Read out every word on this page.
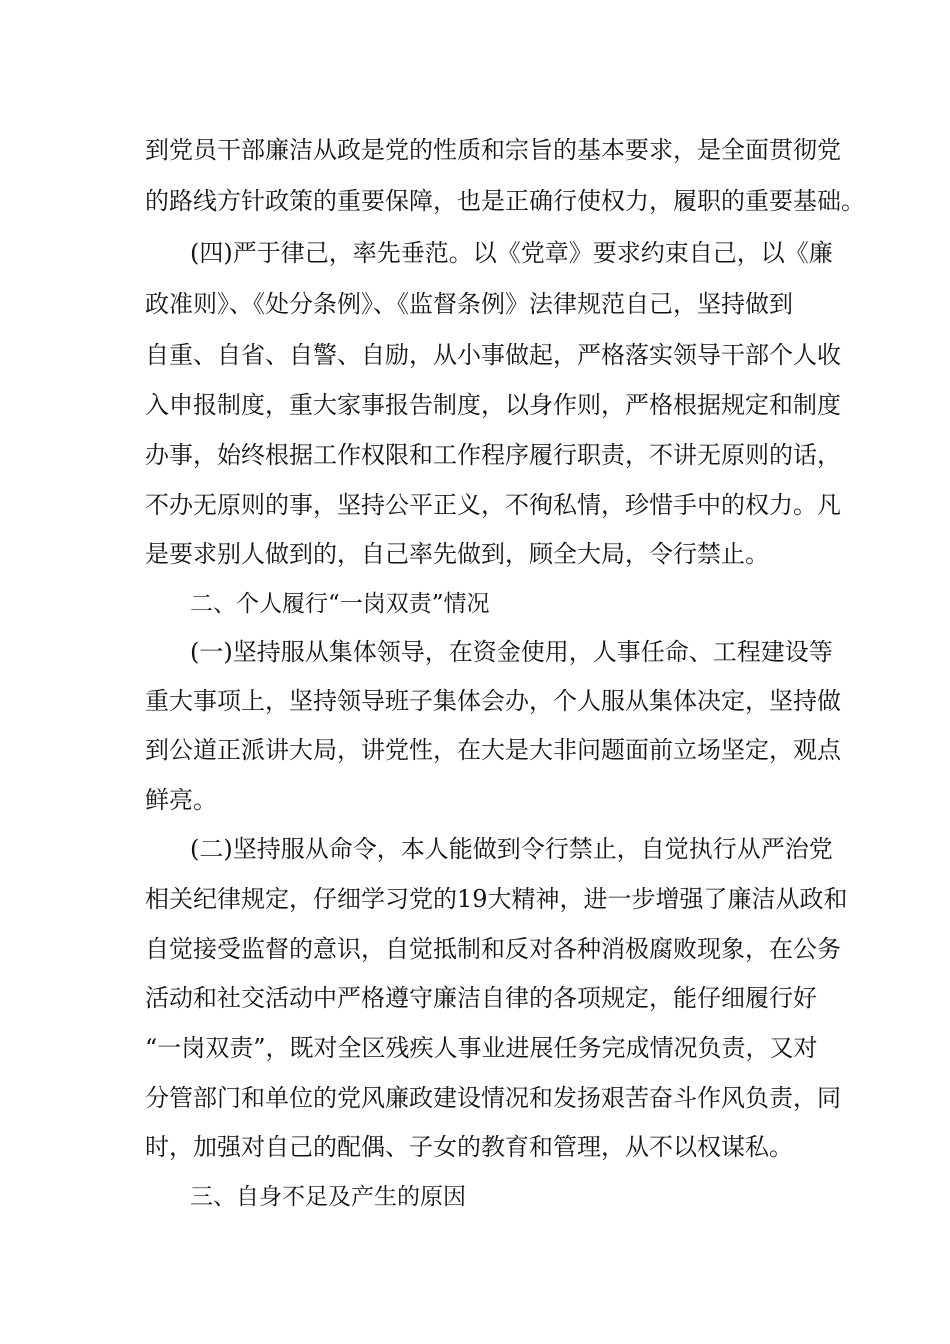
到党员干部廉洁从政是党的性质和宗旨的基本要求，是全面贯彻党
的路线方针政策的重要保障，也是正确行使权力，履职的重要基础。
(四)严于律己，率先垂范。以《党章》要求约束自己，以《廉
政准则》、《处分条例》、《监督条例》法律规范自己，坚持做到
自重、自省、自警、自励，从小事做起，严格落实领导干部个人收
入申报制度，重大家事报告制度，以身作则，严格根据规定和制度
办事，始终根据工作权限和工作程序履行职责，不讲无原则的话，
不办无原则的事，坚持公平正义，不徇私情，珍惜手中的权力。凡
是要求别人做到的，自己率先做到，顾全大局，令行禁止。
二、个人履行“一岗双责”情况
(一)坚持服从集体领导，在资金使用，人事任命、工程建设等
重大事项上，坚持领导班子集体会办，个人服从集体决定，坚持做
到公道正派讲大局，讲党性，在大是大非问题面前立场坚定，观点
鲜亮。
(二)坚持服从命令，本人能做到令行禁止，自觉执行从严治党
相关纪律规定，仔细学习党的19大精神，进一步增强了廉洁从政和
自觉接受监督的意识，自觉抵制和反对各种消极腐败现象，在公务
活动和社交活动中严格遵守廉洁自律的各项规定，能仔细履行好
“一岗双责”，既对全区残疾人事业进展任务完成情况负责，又对
分管部门和单位的党风廉政建设情况和发扬艰苦奋斗作风负责，同
时，加强对自己的配偶、子女的教育和管理，从不以权谋私。
三、自身不足及产生的原因
